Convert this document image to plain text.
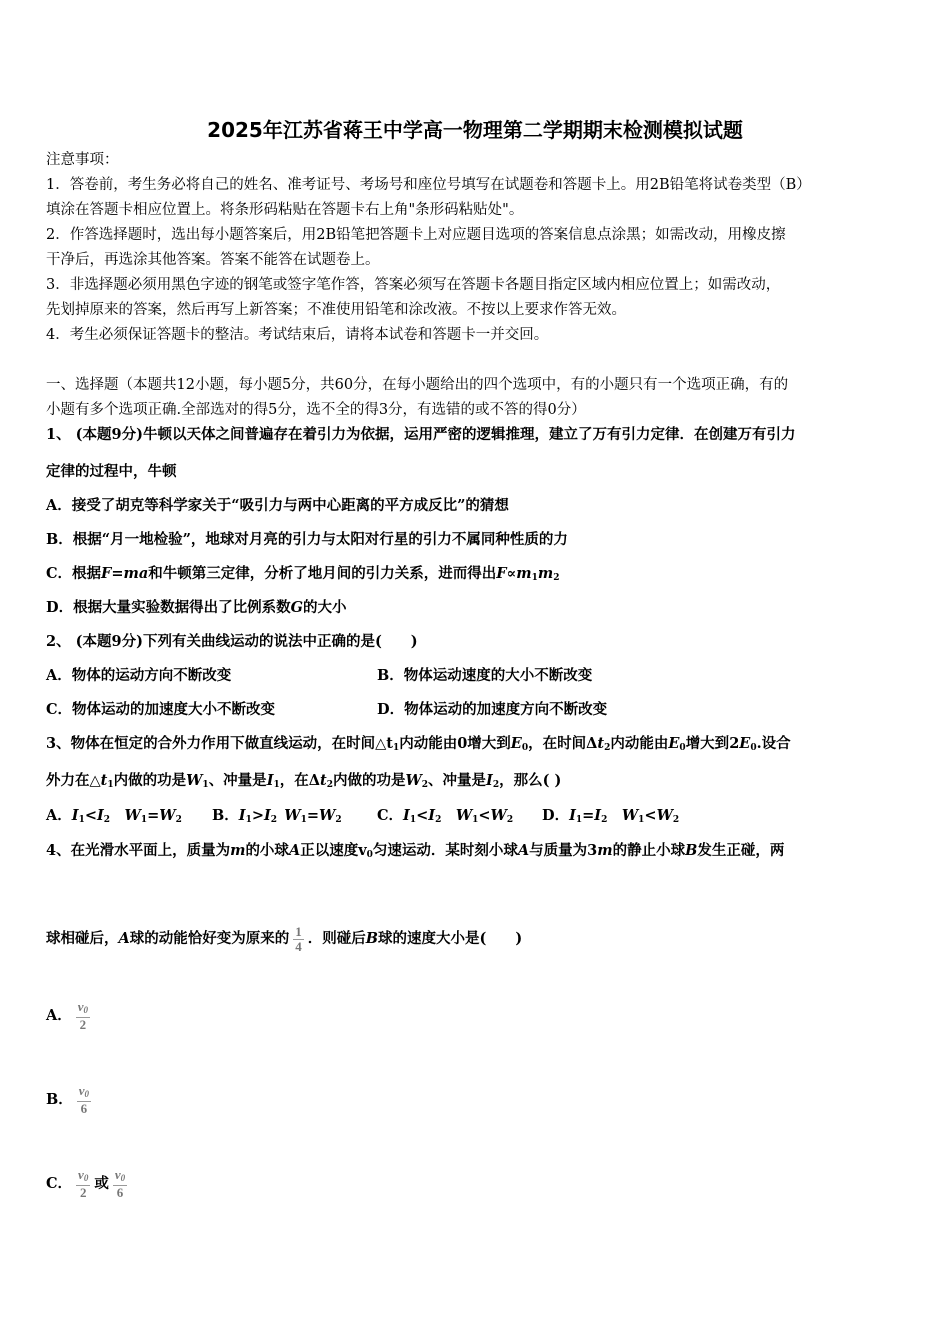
2025年江苏省蒋王中学高一物理第二学期期末检测模拟试题
注意事项：
1．答卷前，考生务必将自己的姓名、准考证号、考场号和座位号填写在试题卷和答题卡上。用2B铅笔将试卷类型（B）
填涂在答题卡相应位置上。将条形码粘贴在答题卡右上角"条形码粘贴处"。
2．作答选择题时，选出每小题答案后，用2B铅笔把答题卡上对应题目选项的答案信息点涂黑；如需改动，用橡皮擦
干净后，再选涂其他答案。答案不能答在试题卷上。
3．非选择题必须用黑色字迹的钢笔或签字笔作答，答案必须写在答题卡各题目指定区域内相应位置上；如需改动，
先划掉原来的答案，然后再写上新答案；不准使用铅笔和涂改液。不按以上要求作答无效。
4．考生必须保证答题卡的整洁。考试结束后，请将本试卷和答题卡一并交回。
一、选择题（本题共12小题，每小题5分，共60分，在每小题给出的四个选项中，有的小题只有一个选项正确，有的
小题有多个选项正确.全部选对的得5分，选不全的得3分，有选错的或不答的得0分）
1、 (本题9分)牛顿以天体之间普遍存在着引力为依据，运用严密的逻辑推理，建立了万有引力定律．在创建万有引力
定律的过程中，牛顿
A．接受了胡克等科学家关于“吸引力与两中心距离的平方成反比”的猜想
B．根据“月一地检验”，地球对月亮的引力与太阳对行星的引力不属同种性质的力
C．根据F=ma和牛顿第三定律，分析了地月间的引力关系，进而得出$F\propto m_1m_2$
D．根据大量实验数据得出了比例系数G的大小
2、 (本题9分)下列有关曲线运动的说法中正确的是(　　)
A．物体的运动方向不断改变	B．物体运动速度的大小不断改变
C．物体运动的加速度大小不断改变	D．物体运动的加速度方向不断改变
3、物体在恒定的合外力作用下做直线运动，在时间$\triangle t_1$内动能由0增大到$E_0$，在时间$\Delta t_2$内动能由$E_0$增大到$2E_0$.设合
外力在$\triangle t_1$内做的功是$W_1$、冲量是$I_1$，在$\Delta t_2$内做的功是$W_2$、冲量是$I_2$，那么( )
A．$I_1<I_2$  $W_1=W_2$ B．$I_1>I_2$  $W_1=W_2$ C．$I_1<I_2$  $W_1<W_2$ D．$I_1=I_2$  $W_1<W_2$
4、在光滑水平面上，质量为m的小球A正以速度$v_0$匀速运动．某时刻小球A与质量为3m的静止小球B发生正碰，两
球相碰后，A球的动能恰好变为原来的 $\frac{1}{4}$ ．则碰后B球的速度大小是(　　)
A． $\frac{v_0}{2}$
B． $\frac{v_0}{6}$
C． $\frac{v_0}{2}$ 或 $\frac{v_0}{6}$
